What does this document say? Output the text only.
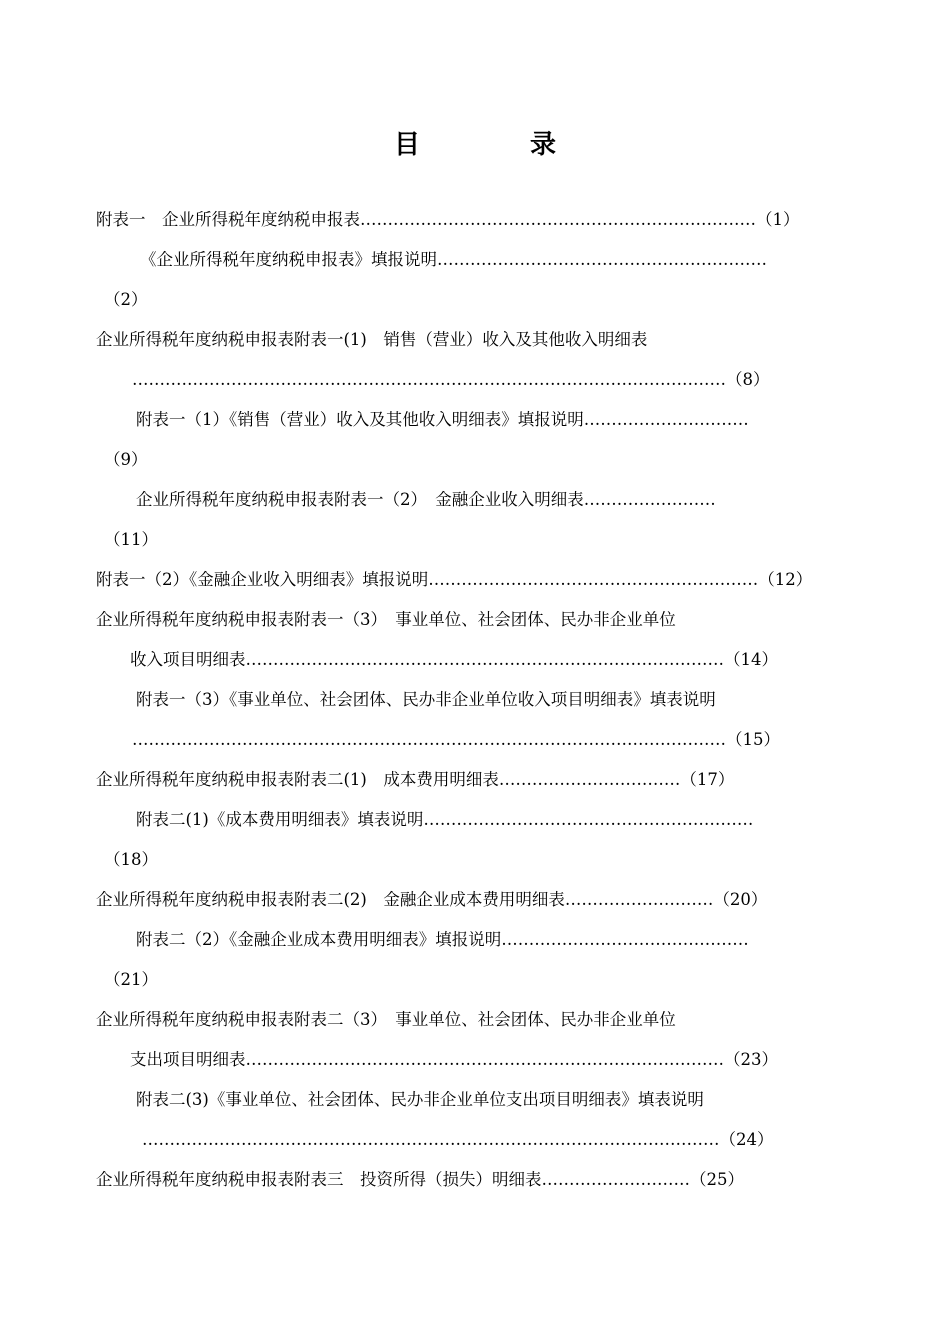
目　录
附表一　企业所得税年度纳税申报表………………………………………………………………（1）
《企业所得税年度纳税申报表》填报说明……………………………………………………
（2）
企业所得税年度纳税申报表附表一(1)　销售（营业）收入及其他收入明细表
………………………………………………………………………………………………（8）
附表一（1）《销售（营业）收入及其他收入明细表》填报说明…………………………
（9）
企业所得税年度纳税申报表附表一（2）　金融企业收入明细表……………………
（11）
附表一（2）《金融企业收入明细表》填报说明……………………………………………………（12）
企业所得税年度纳税申报表附表一（3）　事业单位、社会团体、民办非企业单位
收入项目明细表……………………………………………………………………………（14）
附表一（3）《事业单位、社会团体、民办非企业单位收入项目明细表》填表说明
………………………………………………………………………………………………（15）
企业所得税年度纳税申报表附表二(1)　成本费用明细表……………………………（17）
附表二(1)《成本费用明细表》填表说明……………………………………………………
（18）
企业所得税年度纳税申报表附表二(2)　金融企业成本费用明细表………………………（20）
附表二（2）《金融企业成本费用明细表》填报说明………………………………………
（21）
企业所得税年度纳税申报表附表二（3）　事业单位、社会团体、民办非企业单位
支出项目明细表……………………………………………………………………………（23）
附表二(3)《事业单位、社会团体、民办非企业单位支出项目明细表》填表说明
……………………………………………………………………………………………（24）
企业所得税年度纳税申报表附表三　投资所得（损失）明细表………………………（25）
